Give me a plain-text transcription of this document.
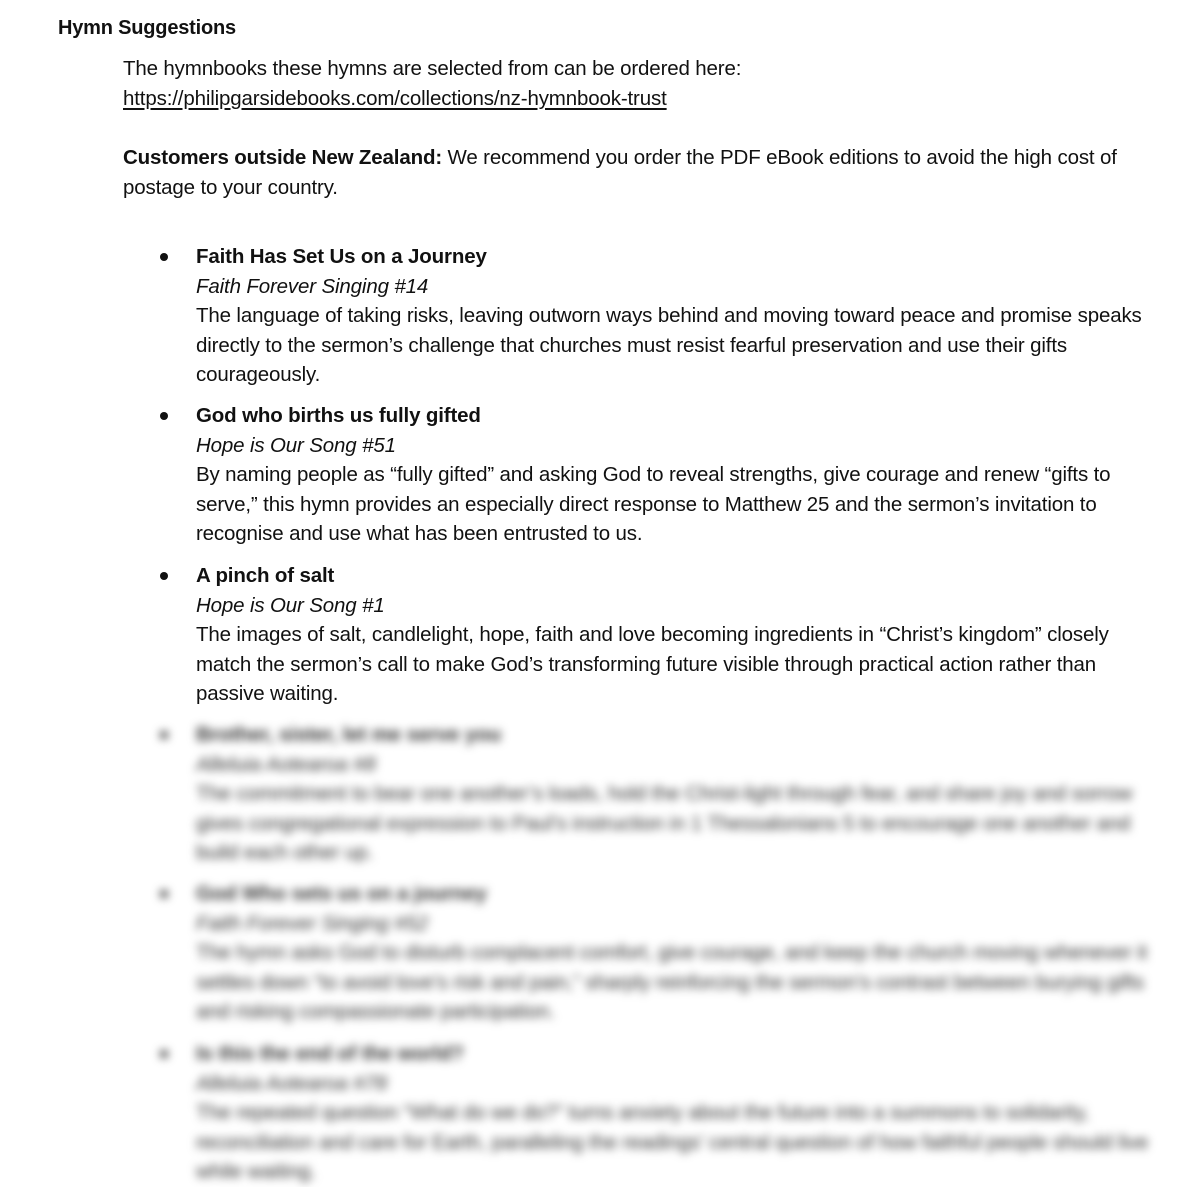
Hymn Suggestions
The hymnbooks these hymns are selected from can be ordered here:
https://philipgarsidebooks.com/collections/nz-hymnbook-trust
Customers outside New Zealand: We recommend you order the PDF eBook editions to avoid the high cost of postage to your country.
Faith Has Set Us on a Journey
Faith Forever Singing #14
The language of taking risks, leaving outworn ways behind and moving toward peace and promise speaks directly to the sermon’s challenge that churches must resist fearful preservation and use their gifts courageously.
God who births us fully gifted
Hope is Our Song #51
By naming people as “fully gifted” and asking God to reveal strengths, give courage and renew “gifts to serve,” this hymn provides an especially direct response to Matthew 25 and the sermon’s invitation to recognise and use what has been entrusted to us.
A pinch of salt
Hope is Our Song #1
The images of salt, candlelight, hope, faith and love becoming ingredients in “Christ’s kingdom” closely match the sermon’s call to make God’s transforming future visible through practical action rather than passive waiting.
Brother, sister, let me serve you
Alleluia Aotearoa #8
The commitment to bear one another’s loads, hold the Christ-light through fear, and share joy and sorrow gives congregational expression to Paul’s instruction in 1 Thessalonians 5 to encourage one another and build each other up.
God Who sets us on a journey
Faith Forever Singing #52
The hymn asks God to disturb complacent comfort, give courage, and keep the church moving whenever it settles down “to avoid love’s risk and pain,” sharply reinforcing the sermon’s contrast between burying gifts and risking compassionate participation.
Is this the end of the world?
Alleluia Aotearoa #78
The repeated question “What do we do?” turns anxiety about the future into a summons to solidarity, reconciliation and care for Earth, paralleling the readings’ central question of how faithful people should live while waiting.
